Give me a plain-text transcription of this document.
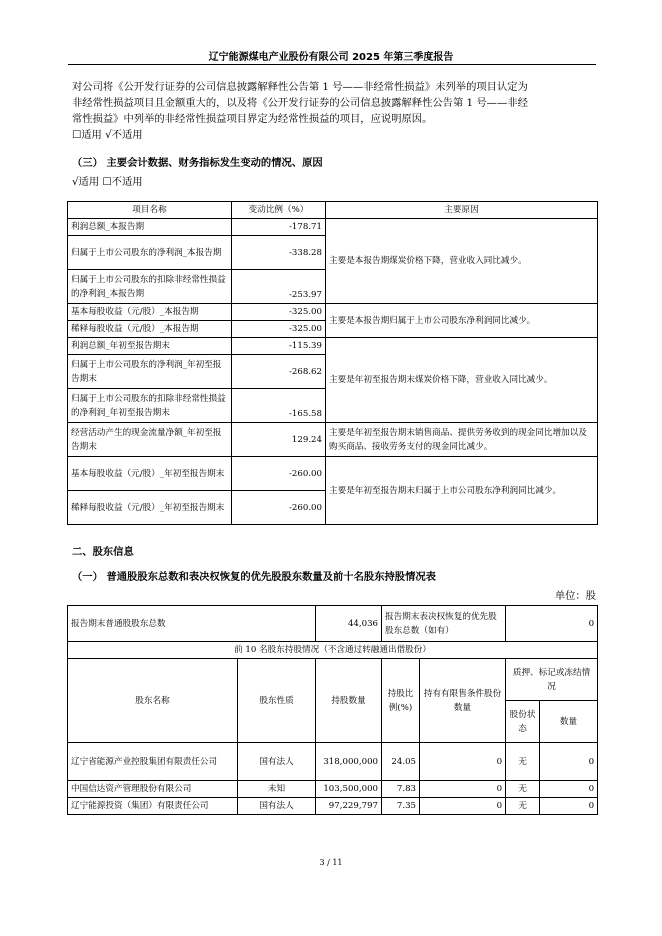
辽宁能源煤电产业股份有限公司 2025 年第三季度报告
对公司将《公开发行证券的公司信息披露解释性公告第 1 号——非经常性损益》未列举的项目认定为
非经常性损益项目且金额重大的，以及将《公开发行证券的公司信息披露解释性公告第 1 号——非经
常性损益》中列举的非经常性损益项目界定为经常性损益的项目，应说明原因。
☐适用 √不适用
（三） 主要会计数据、财务指标发生变动的情况、原因
√适用 ☐不适用
项目名称	变动比例（%）	主要原因
利润总额_本报告期	-178.71	主要是本报告期煤炭价格下降，营业收入同比减少。
归属于上市公司股东的净利润_本报告期	-338.28	
归属于上市公司股东的扣除非经常性损益的净利润_本报告期	-253.97	
基本每股收益（元/股）_本报告期	-325.00	主要是本报告期归属于上市公司股东净利润同比减少。
稀释每股收益（元/股）_本报告期	-325.00	
利润总额_年初至报告期末	-115.39	主要是年初至报告期末煤炭价格下降，营业收入同比减少。
归属于上市公司股东的净利润_年初至报告期末	-268.62	
归属于上市公司股东的扣除非经常性损益的净利润_年初至报告期末	-165.58	
经营活动产生的现金流量净额_年初至报告期末	129.24	主要是年初至报告期末销售商品、提供劳务收到的现金同比增加以及购买商品、接收劳务支付的现金同比减少。
基本每股收益（元/股）_年初至报告期末	-260.00	主要是年初至报告期末归属于上市公司股东净利润同比减少。
稀释每股收益（元/股）_年初至报告期末	-260.00	
二、股东信息
（一） 普通股股东总数和表决权恢复的优先股股东数量及前十名股东持股情况表
单位：股
报告期末普通股股东总数		44,036	报告期末表决权恢复的优先股股东总数（如有）		0	
前 10 名股东持股情况（不含通过转融通出借股份）						
股东名称	股东性质	持股数量	持股比例(%)	持有有限售条件股份数量	质押、标记或冻结情况	
					股份状态	数量
辽宁省能源产业控股集团有限责任公司	国有法人	318,000,000	24.05	0	无	0
中国信达资产管理股份有限公司	未知	103,500,000	7.83	0	无	0
辽宁能源投资（集团）有限责任公司	国有法人	97,229,797	7.35	0	无	0
3 / 11
